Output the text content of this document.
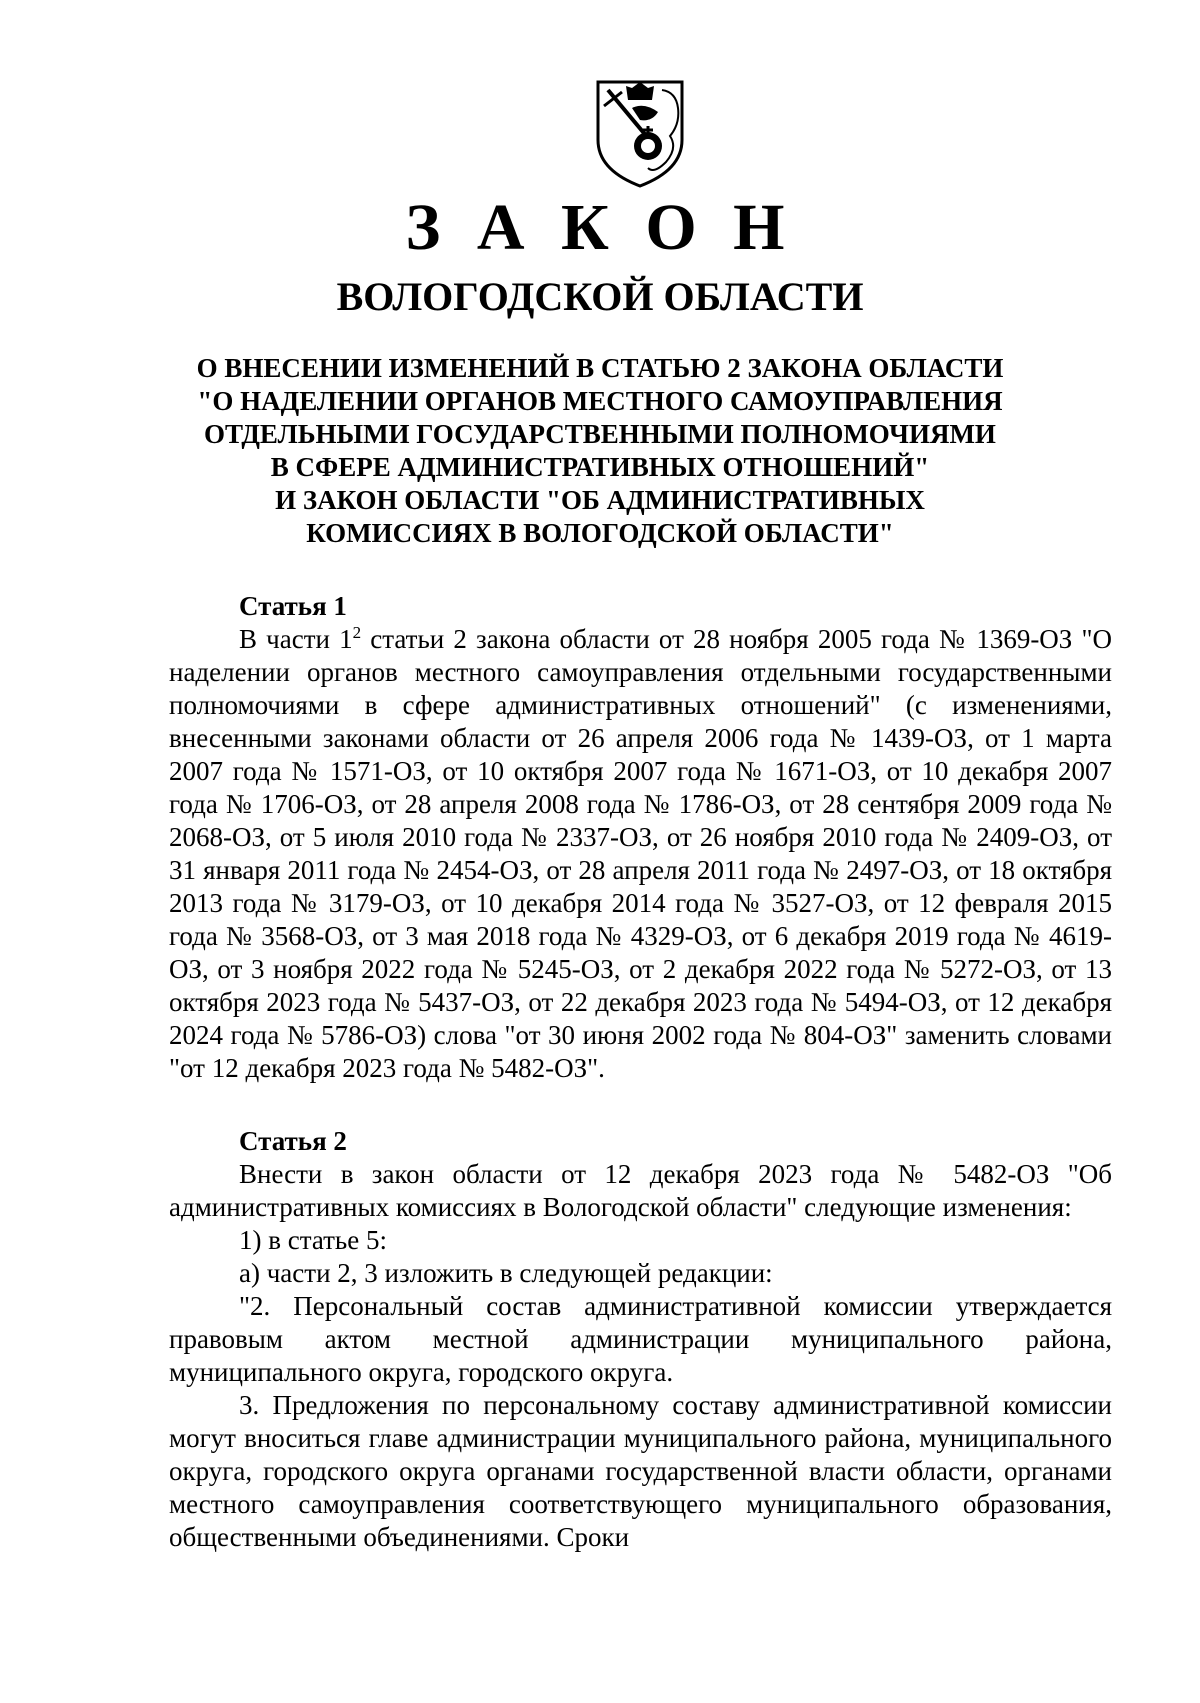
З А К О Н
ВОЛОГОДСКОЙ ОБЛАСТИ
О ВНЕСЕНИИ ИЗМЕНЕНИЙ В СТАТЬЮ 2 ЗАКОНА ОБЛАСТИ
"О НАДЕЛЕНИИ ОРГАНОВ МЕСТНОГО САМОУПРАВЛЕНИЯ
ОТДЕЛЬНЫМИ ГОСУДАРСТВЕННЫМИ ПОЛНОМОЧИЯМИ
В СФЕРЕ АДМИНИСТРАТИВНЫХ ОТНОШЕНИЙ"
И ЗАКОН ОБЛАСТИ "ОБ АДМИНИСТРАТИВНЫХ
КОМИССИЯХ В ВОЛОГОДСКОЙ ОБЛАСТИ"
Статья 1

В части $1^2$ статьи 2 закона области от 28 ноября 2005 года № 1369-ОЗ "О наделении органов местного самоуправления отдельными государственными полномочиями в сфере административных отношений" (с изменениями, внесенными законами области от 26 апреля 2006 года № 1439-ОЗ, от 1 марта 2007 года № 1571-ОЗ, от 10 октября 2007 года № 1671-ОЗ, от 10 декабря 2007 года № 1706-ОЗ, от 28 апреля 2008 года № 1786-ОЗ, от 28 сентября 2009 года № 2068-ОЗ, от 5 июля 2010 года № 2337-ОЗ, от 26 ноября 2010 года № 2409-ОЗ, от 31 января 2011 года № 2454-ОЗ, от 28 апреля 2011 года № 2497-ОЗ, от 18 октября 2013 года № 3179-ОЗ, от 10 декабря 2014 года № 3527-ОЗ, от 12 февраля 2015 года № 3568-ОЗ, от 3 мая 2018 года № 4329-ОЗ, от 6 декабря 2019 года № 4619-ОЗ, от 3 ноября 2022 года № 5245-ОЗ, от 2 декабря 2022 года № 5272-ОЗ, от 13 октября 2023 года № 5437-ОЗ, от 22 декабря 2023 года № 5494-ОЗ, от 12 декабря 2024 года № 5786-ОЗ) слова "от 30 июня 2002 года № 804-ОЗ" заменить словами "от 12 декабря 2023 года № 5482-ОЗ".

Статья 2

Внести в закон области от 12 декабря 2023 года № 5482-ОЗ "Об административных комиссиях в Вологодской области" следующие изменения:

1) в статье 5:

а) части 2, 3 изложить в следующей редакции:

"2. Персональный состав административной комиссии утверждается правовым актом местной администрации муниципального района, муниципального округа, городского округа.

3. Предложения по персональному составу административной комиссии могут вноситься главе администрации муниципального района, муниципального округа, городского округа органами государственной власти области, органами местного самоуправления соответствующего муниципального образования, общественными объединениями. Сроки
